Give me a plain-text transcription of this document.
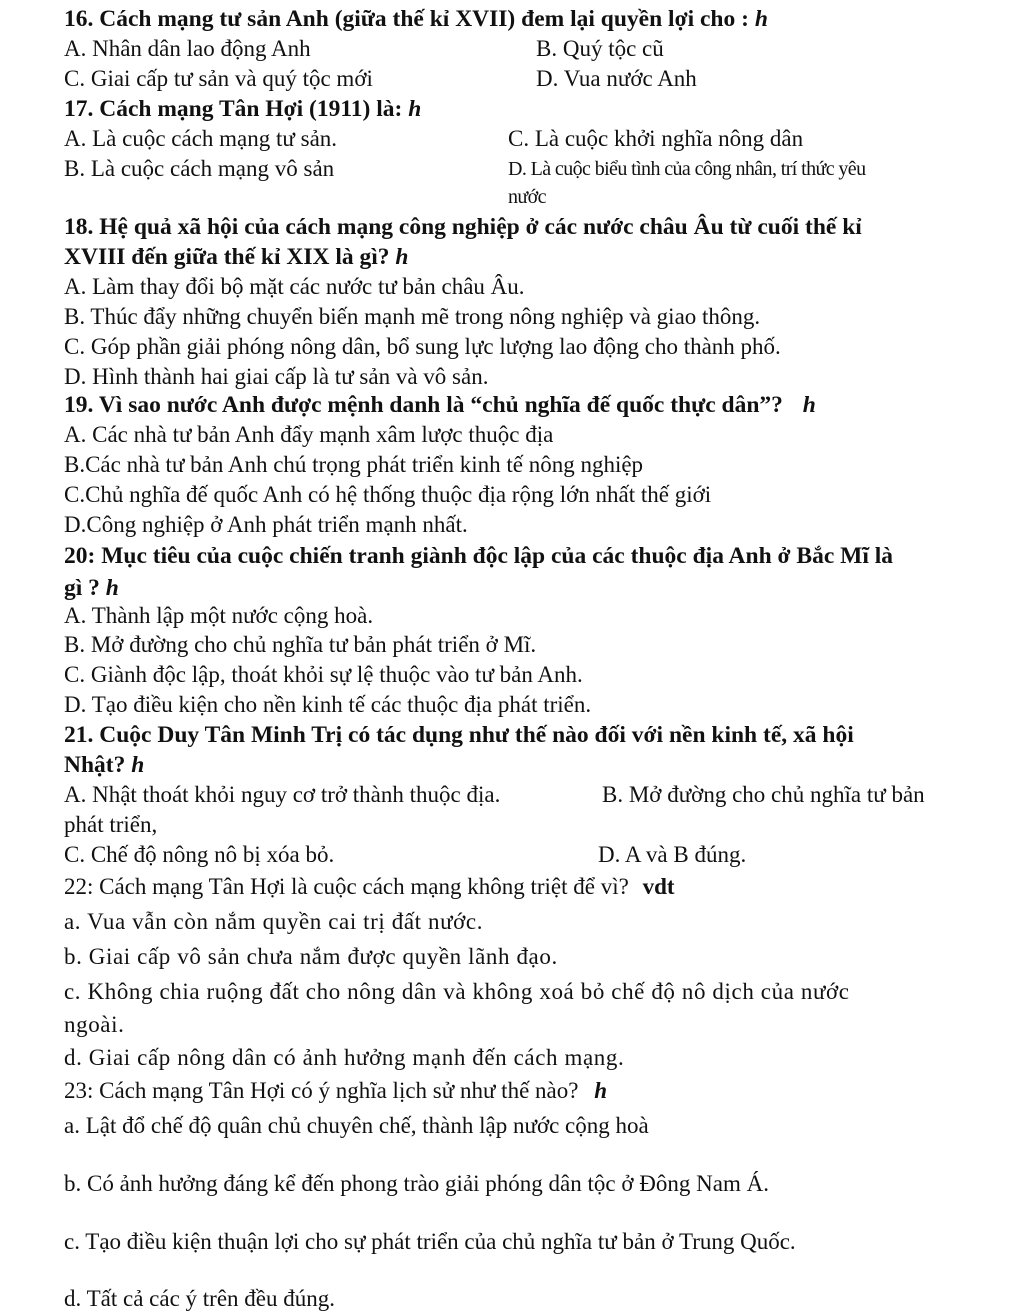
16. Cách mạng tư sản Anh (giữa thế kỉ XVII) đem lại quyền lợi cho : h
A. Nhân dân lao động Anh	B. Quý tộc cũ
C. Giai cấp tư sản và quý tộc mới	D. Vua nước Anh
17. Cách mạng Tân Hợi (1911) là: h
A. Là cuộc cách mạng tư sản.	C. Là cuộc khởi nghĩa nông dân
B. Là cuộc cách mạng vô sản	D. Là cuộc biểu tình của công nhân, trí thức yêu
nước
18. Hệ quả xã hội của cách mạng công nghiệp ở các nước châu Âu từ cuối thế kỉ
XVIII đến giữa thế kỉ XIX là gì? h
A. Làm thay đổi bộ mặt các nước tư bản châu Âu.
B. Thúc đẩy những chuyển biến mạnh mẽ trong nông nghiệp và giao thông.
C. Góp phần giải phóng nông dân, bổ sung lực lượng lao động cho thành phố.
D. Hình thành hai giai cấp là tư sản và vô sản.
19. Vì sao nước Anh được mệnh danh là “chủ nghĩa đế quốc thực dân”? h
A. Các nhà tư bản Anh đẩy mạnh xâm lược thuộc địa
B.Các nhà tư bản Anh chú trọng phát triển kinh tế nông nghiệp
C.Chủ nghĩa đế quốc Anh có hệ thống thuộc địa rộng lớn nhất thế giới
D.Công nghiệp ở Anh phát triển mạnh nhất.
20: Mục tiêu của cuộc chiến tranh giành độc lập của các thuộc địa Anh ở Bắc Mĩ là
gì ? h
A. Thành lập một nước cộng hoà.
B. Mở đường cho chủ nghĩa tư bản phát triển ở Mĩ.
C. Giành độc lập, thoát khỏi sự lệ thuộc vào tư bản Anh.
D. Tạo điều kiện cho nền kinh tế các thuộc địa phát triển.
21. Cuộc Duy Tân Minh Trị có tác dụng như thế nào đối với nền kinh tế, xã hội
Nhật? h
A. Nhật thoát khỏi nguy cơ trở thành thuộc địa.	B. Mở đường cho chủ nghĩa tư bản
phát triển,
C. Chế độ nông nô bị xóa bỏ.	D. A và B đúng.
22: Cách mạng Tân Hợi là cuộc cách mạng không triệt để vì? vdt
a. Vua vẫn còn nắm quyền cai trị đất nước.
b. Giai cấp vô sản chưa nắm được quyền lãnh đạo.
c. Không chia ruộng đất cho nông dân và không xoá bỏ chế độ nô dịch của nước
ngoài.
d. Giai cấp nông dân có ảnh hưởng mạnh đến cách mạng.
23: Cách mạng Tân Hợi có ý nghĩa lịch sử như thế nào? h
a. Lật đổ chế độ quân chủ chuyên chế, thành lập nước cộng hoà
b. Có ảnh hưởng đáng kể đến phong trào giải phóng dân tộc ở Đông Nam Á.
c. Tạo điều kiện thuận lợi cho sự phát triển của chủ nghĩa tư bản ở Trung Quốc.
d. Tất cả các ý trên đều đúng.
